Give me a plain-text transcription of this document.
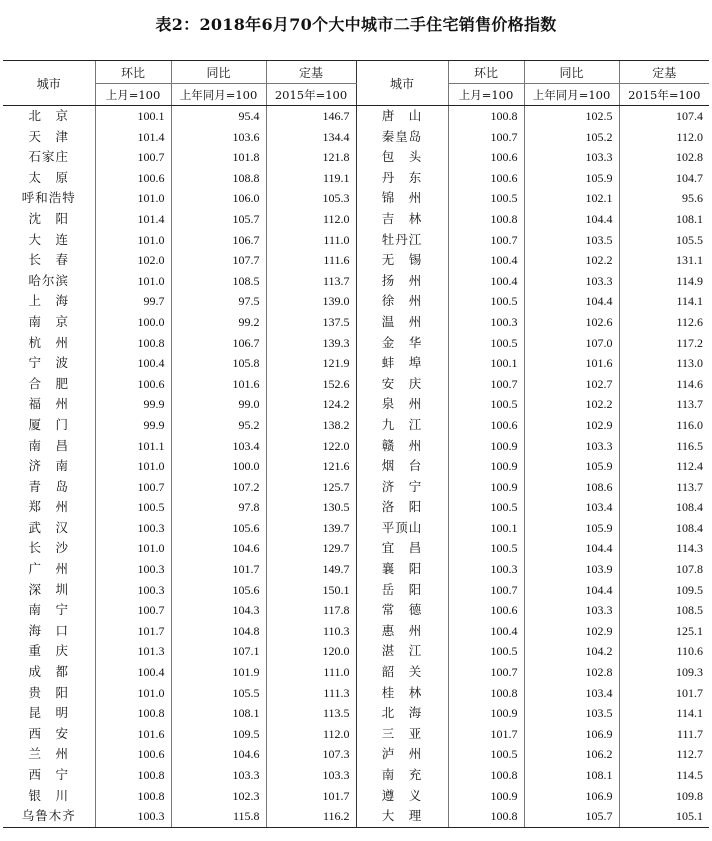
表2：2018年6月70个大中城市二手住宅销售价格指数
城市	环比	同比	定基	城市	环比	同比	定基
	上月=100	上年同月=100	2015年=100		上月=100	上年同月=100	2015年=100
北　京	100.1	95.4	146.7	唐　山	100.8	102.5	107.4
天　津	101.4	103.6	134.4	秦皇岛	100.7	105.2	112.0
石家庄	100.7	101.8	121.8	包　头	100.6	103.3	102.8
太　原	100.6	108.8	119.1	丹　东	100.6	105.9	104.7
呼和浩特	101.0	106.0	105.3	锦　州	100.5	102.1	95.6
沈　阳	101.4	105.7	112.0	吉　林	100.8	104.4	108.1
大　连	101.0	106.7	111.0	牡丹江	100.7	103.5	105.5
长　春	102.0	107.7	111.6	无　锡	100.4	102.2	131.1
哈尔滨	101.0	108.5	113.7	扬　州	100.4	103.3	114.9
上　海	99.7	97.5	139.0	徐　州	100.5	104.4	114.1
南　京	100.0	99.2	137.5	温　州	100.3	102.6	112.6
杭　州	100.8	106.7	139.3	金　华	100.5	107.0	117.2
宁　波	100.4	105.8	121.9	蚌　埠	100.1	101.6	113.0
合　肥	100.6	101.6	152.6	安　庆	100.7	102.7	114.6
福　州	99.9	99.0	124.2	泉　州	100.5	102.2	113.7
厦　门	99.9	95.2	138.2	九　江	100.6	102.9	116.0
南　昌	101.1	103.4	122.0	赣　州	100.9	103.3	116.5
济　南	101.0	100.0	121.6	烟　台	100.9	105.9	112.4
青　岛	100.7	107.2	125.7	济　宁	100.9	108.6	113.7
郑　州	100.5	97.8	130.5	洛　阳	100.5	103.4	108.4
武　汉	100.3	105.6	139.7	平顶山	100.1	105.9	108.4
长　沙	101.0	104.6	129.7	宜　昌	100.5	104.4	114.3
广　州	100.3	101.7	149.7	襄　阳	100.3	103.9	107.8
深　圳	100.3	105.6	150.1	岳　阳	100.7	104.4	109.5
南　宁	100.7	104.3	117.8	常　德	100.6	103.3	108.5
海　口	101.7	104.8	110.3	惠　州	100.4	102.9	125.1
重　庆	101.3	107.1	120.0	湛　江	100.5	104.2	110.6
成　都	100.4	101.9	111.0	韶　关	100.7	102.8	109.3
贵　阳	101.0	105.5	111.3	桂　林	100.8	103.4	101.7
昆　明	100.8	108.1	113.5	北　海	100.9	103.5	114.1
西　安	101.6	109.5	112.0	三　亚	101.7	106.9	111.7
兰　州	100.6	104.6	107.3	泸　州	100.5	106.2	112.7
西　宁	100.8	103.3	103.3	南　充	100.8	108.1	114.5
银　川	100.8	102.3	101.7	遵　义	100.9	106.9	109.8
乌鲁木齐	100.3	115.8	116.2	大　理	100.8	105.7	105.1
